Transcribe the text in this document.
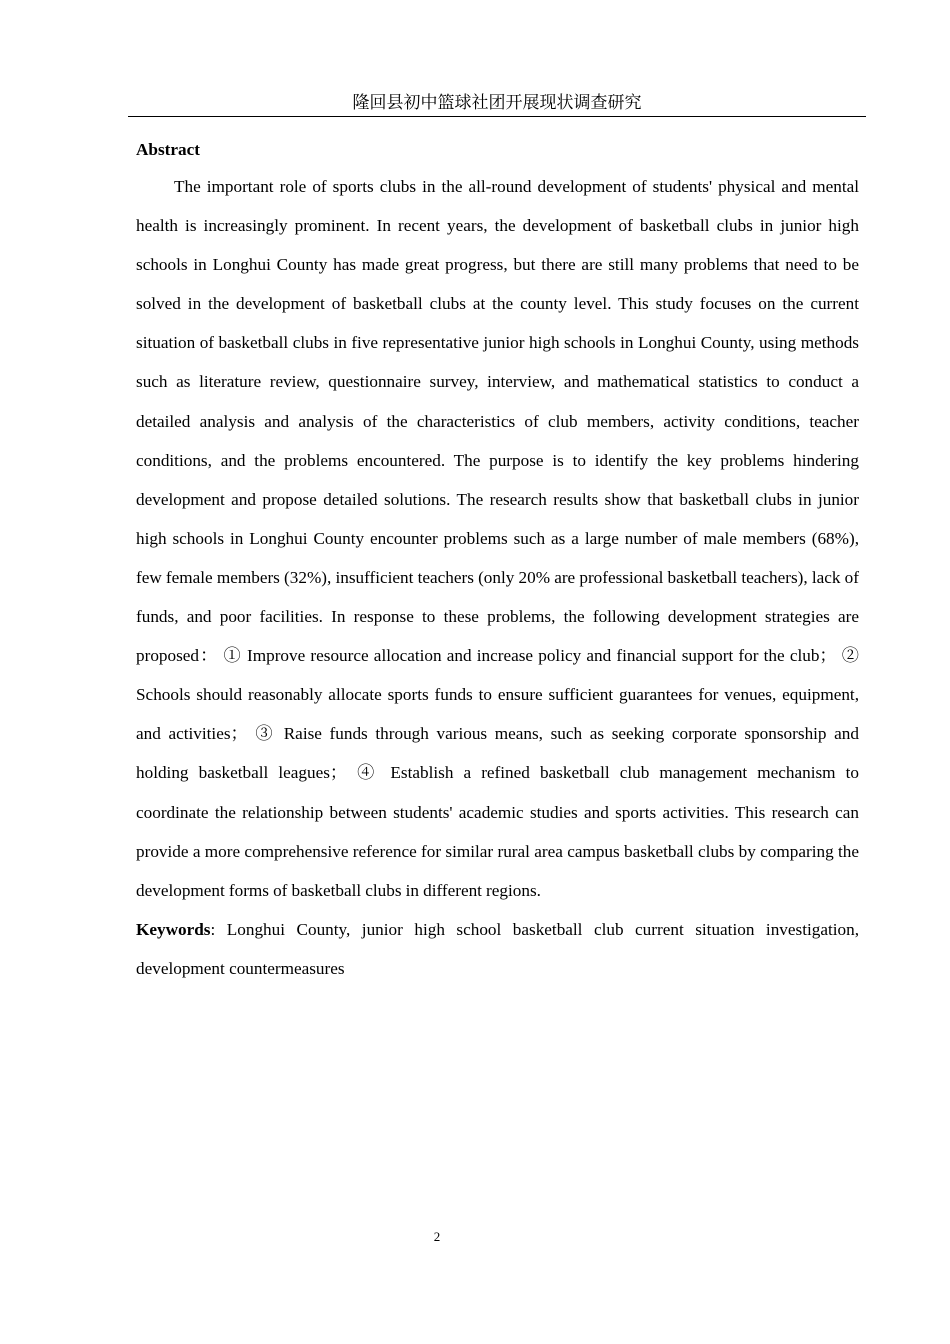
隆回县初中篮球社团开展现状调查研究
Abstract

The important role of sports clubs in the all-round development of students' physical and mental health is increasingly prominent. In recent years, the development of basketball clubs in junior high schools in Longhui County has made great progress, but there are still many problems that need to be solved in the development of basketball clubs at the county level. This study focuses on the current situation of basketball clubs in five representative junior high schools in Longhui County, using methods such as literature review, questionnaire survey, interview, and mathematical statistics to conduct a detailed analysis and analysis of the characteristics of club members, activity conditions, teacher conditions, and the problems encountered. The purpose is to identify the key problems hindering development and propose detailed solutions. The research results show that basketball clubs in junior high schools in Longhui County encounter problems such as a large number of male members (68%), few female members (32%), insufficient teachers (only 20% are professional basketball teachers), lack of funds, and poor facilities. In response to these problems, the following development strategies are proposed： ① Improve resource allocation and increase policy and financial support for the club； ② Schools should reasonably allocate sports funds to ensure sufficient guarantees for venues, equipment, and activities； ③ Raise funds through various means, such as seeking corporate sponsorship and holding basketball leagues； ④ Establish a refined basketball club management mechanism to coordinate the relationship between students' academic studies and sports activities. This research can provide a more comprehensive reference for similar rural area campus basketball clubs by comparing the development forms of basketball clubs in different regions.

Keywords: Longhui County, junior high school basketball club current situation investigation, development countermeasures

2
